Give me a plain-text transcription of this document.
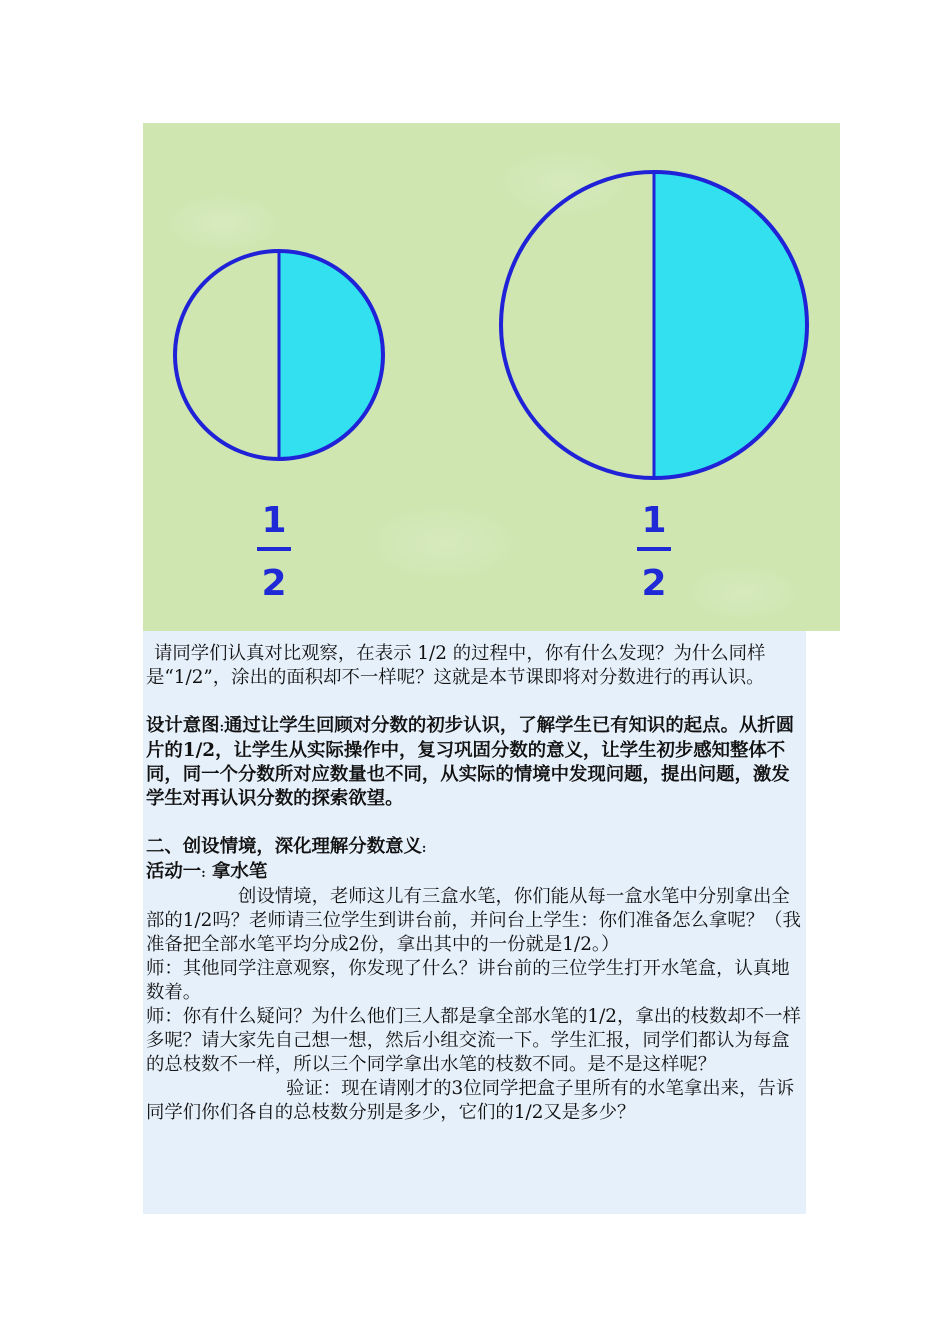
1
2
1
2

请同学们认真对比观察，在表示 1/2 的过程中，你有什么发现？为什么同样是“1/2”，涂出的面积却不一样呢？这就是本节课即将对分数进行的再认识。

设计意图:通过让学生回顾对分数的初步认识，了解学生已有知识的起点。从折圆片的1/2，让学生从实际操作中，复习巩固分数的意义，让学生初步感知整体不同，同一个分数所对应数量也不同，从实际的情境中发现问题，提出问题，激发学生对再认识分数的探索欲望。

二、创设情境，深化理解分数意义:

活动一: 拿水笔

创设情境，老师这儿有三盒水笔，你们能从每一盒水笔中分别拿出全部的1/2吗？老师请三位学生到讲台前，并问台上学生：你们准备怎么拿呢？（我准备把全部水笔平均分成2份，拿出其中的一份就是1/2。）

师：其他同学注意观察，你发现了什么？讲台前的三位学生打开水笔盒，认真地数着。

师：你有什么疑问？为什么他们三人都是拿全部水笔的1/2，拿出的枝数却不一样多呢？请大家先自己想一想，然后小组交流一下。学生汇报，同学们都认为每盒的总枝数不一样，所以三个同学拿出水笔的枝数不同。是不是这样呢？

验证：现在请刚才的3位同学把盒子里所有的水笔拿出来，告诉同学们你们各自的总枝数分别是多少，它们的1/2又是多少？
